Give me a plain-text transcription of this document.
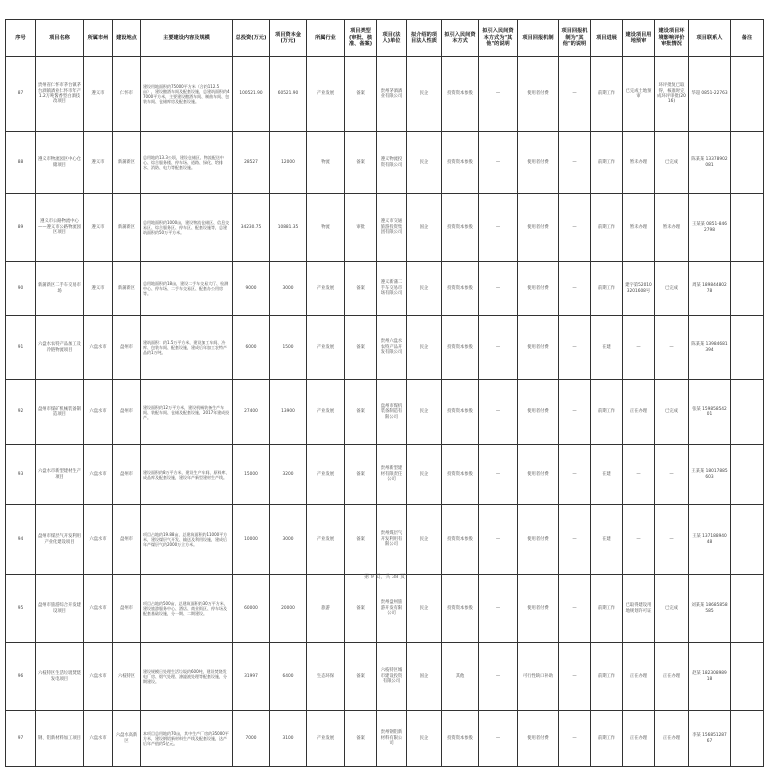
序号	项目名称	所属市州	建设地点	主要建设内容及规模	总投资(万元)	项目资本金(万元)	所属行业	项目类型(审批、核准、备案)	项目(法人)单位	拟介绍的项目法人性质	拟引入民间资本方式	拟引入民间资本方式为"其他"的说明	项目回报机制	项目回报机制为"其他"的说明	项目进展	建设项目用地预审	建设项目环境影响评价审批情况	项目联系人	备注
87	贵州省仁怀市茅台镇茅台酒镇酒业仁怀市年产1.2万吨酱香型白酒技改项目	遵义市	仁怀市	建设用地面积约75000平方米（合约112.5亩），建设酿酒车间及配套设施，总建筑面积约47000平方米，主要建设酿酒车间、制曲车间、包装车间、仓储库房及配套设施。	100521.90	60521.90	产业发展	备案	贵州茅酒酒业有限公司	民企	投资资本参股	—	使用者付费	—	前期工作	已完成土地预审	环评批复已取得，核准时完成环评审批(2016)	华超 0851-22763	
88	遵义市物流园区中心仓储项目	遵义市	新蒲新区	总用地约13.3公顷，建设仓储区、物流配送中心、综合服务楼、停车场、道路、绿化、给排水、消防、电力等配套设施。	28527	12000	物流	备案	遵义物流投资有限公司	民企	投资资本参股	—	使用者付费	—	前期工作	暂未办理	已完成	陈某某 13378902081	
89	遵义市公路物流中心——遵义市公路物流园区项目	遵义市	新蒲新区	总用地面积约1000亩，建设物流仓储区、信息交易区、综合服务区、停车区、配套设施等，总建筑面积约50万平方米。	34230.75	10881.35	物流	审批	遵义市交通旅游投资集团有限公司	国企	投资资本参股	—	使用者付费	—	前期工作	暂未办理	暂未办理	王某某 0851-8462798	
90	新蒲新区二手车交易市场	遵义市	新蒲新区	总用地面积约18亩，建设二手车交易大厅、检测中心、停车场、二手车交易区、配套办公用房等。	9000	3000	产业发展	备案	遵义新蒲二手车交易市场有限公司	民企	投资资本参股	—	使用者付费	—	前期工作	建字第520103201608号	已完成	周某 18984480278	
91	六盘水农特产品加工及冷链物流项目	六盘水市	盘州市	建筑面积：约1.5万平方米，建设加工车间、冷库、包装车间、配套设施，建成后年加工农特产品约1万吨。	6000	1500	产业发展	备案	贵州六盘水农特产品开发有限公司	民企	投资资本参股	—	使用者付费	—	在建	—	—	陈某某 13984681394	
92	盘州市煤矿机械装备制造项目	六盘水市	盘州市	建设面积约12万平方米，建设机械装备生产车间、装配车间、仓储及配套设施，2017年建成投产。	27400	13900	产业发展	备案	盘州市煤机装备制造有限公司	民企	投资资本参股	—	使用者付费	—	前期工作	正在办理	已完成	张某 15985854201	
93	六盘水市新型建材生产项目	六盘水市	盘州市	建设面积约8万平方米，建设生产车间、原料库、成品库及配套设施，建设年产新型建材生产线。	15000	3200	产业发展	备案	贵州新型建材有限责任公司	民企	投资资本参股	—	使用者付费	—	在建	—	—	王某某 18017885603	
94	盘州市煤层气开发利用产业化建设项目	六盘水市	盘州市	项目占地约19.88亩，总建筑面积约11000平方米，建设煤层气开发、输送及利用设施，建成后年产煤层气约2000万立方米。	10000	3000	产业发展	备案	贵州煤层气开发利用有限公司	民企	投资资本参股	—	使用者付费	—	在建	—	—	王某 13718894048	
95	盘州市旅游综合开发建设项目	六盘水市	盘州市	项目占地约500亩，总建筑面积约30万平方米，建设旅游服务中心、酒店、商业街区、停车场及配套基础设施，分一期、二期建设。	60000	20000	旅游	备案	贵州盘州旅游开发有限公司	民企	投资资本参股	—	使用者付费	—	前期工作	已取得建设用地规划许可证	已完成	刘某某 18685858585	
96	六枝特区生活垃圾焚烧发电项目	六盘水市	六枝特区	建设规模日处理生活垃圾约600吨，建设焚烧发电厂房、烟气处理、渗滤液处理等配套设施，分期建设。	31997	6400	生态环保	备案	六枝特区城市建设投资有限公司	国企	其他	—	可行性缺口补助	—	前期工作	正在办理	正在办理	赵某 18230898918	
97	钢、铝新材料加工项目	六盘水市	六盘水高新区	本项目总用地约70亩，其中生产厂房约35000平方米，建设钢铝新材料生产线及配套设施，达产后年产值约5亿元。	7000	3100	产业发展	备案	贵州钢铝新材料有限公司	民企	投资资本参股	—	使用者付费	—	前期工作	正在办理	正在办理	李某 15685128767	
第 9 页，共 38 页
